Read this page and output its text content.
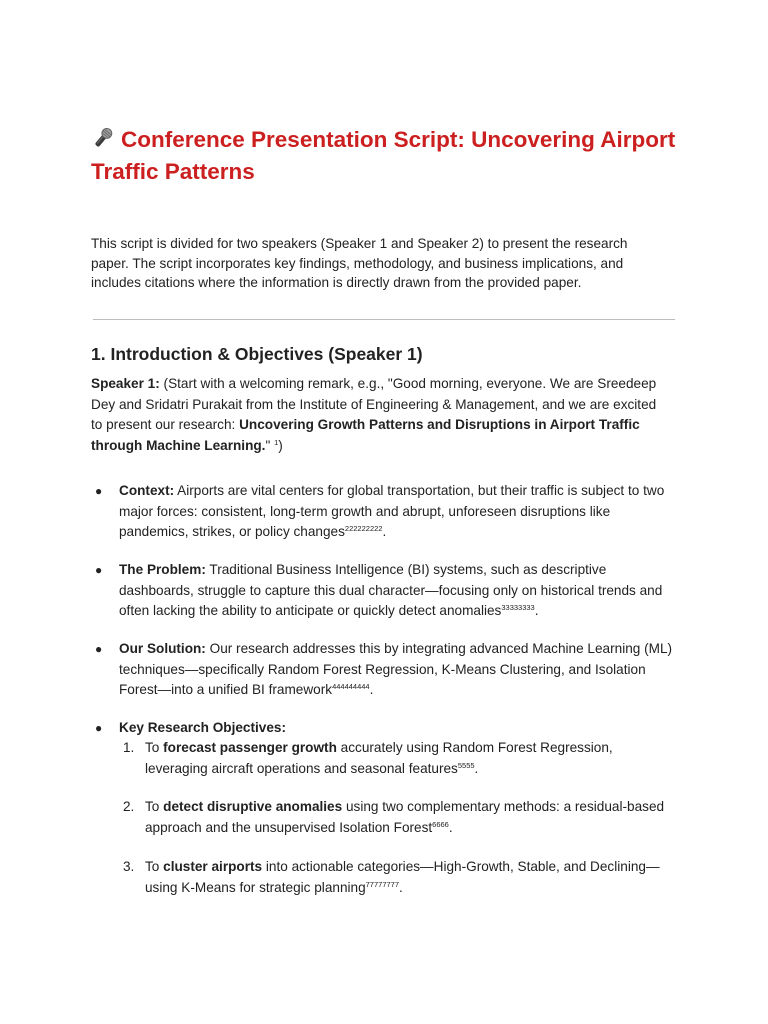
Conference Presentation Script: Uncovering Airport Traffic Patterns

This script is divided for two speakers (Speaker 1 and Speaker 2) to present the research paper. The script incorporates key findings, methodology, and business implications, and includes citations where the information is directly drawn from the provided paper.

1. Introduction & Objectives (Speaker 1)

Speaker 1: (Start with a welcoming remark, e.g., "Good morning, everyone. We are Sreedeep Dey and Sridatri Purakait from the Institute of Engineering & Management, and we are excited to present our research: Uncovering Growth Patterns and Disruptions in Airport Traffic through Machine Learning." $^1$)

● Context: Airports are vital centers for global transportation, but their traffic is subject to two major forces: consistent, long-term growth and abrupt, unforeseen disruptions like pandemics, strikes, or policy changes$^{222222222}$.
● The Problem: Traditional Business Intelligence (BI) systems, such as descriptive dashboards, struggle to capture this dual character—focusing only on historical trends and often lacking the ability to anticipate or quickly detect anomalies$^{33333333}$.
● Our Solution: Our research addresses this by integrating advanced Machine Learning (ML) techniques—specifically Random Forest Regression, K-Means Clustering, and Isolation Forest—into a unified BI framework$^{444444444}$.
● Key Research Objectives:
1. To forecast passenger growth accurately using Random Forest Regression, leveraging aircraft operations and seasonal features$^{5555}$.
2. To detect disruptive anomalies using two complementary methods: a residual-based approach and the unsupervised Isolation Forest$^{6666}$.
3. To cluster airports into actionable categories—High-Growth, Stable, and Declining—using K-Means for strategic planning$^{77777777}$.
